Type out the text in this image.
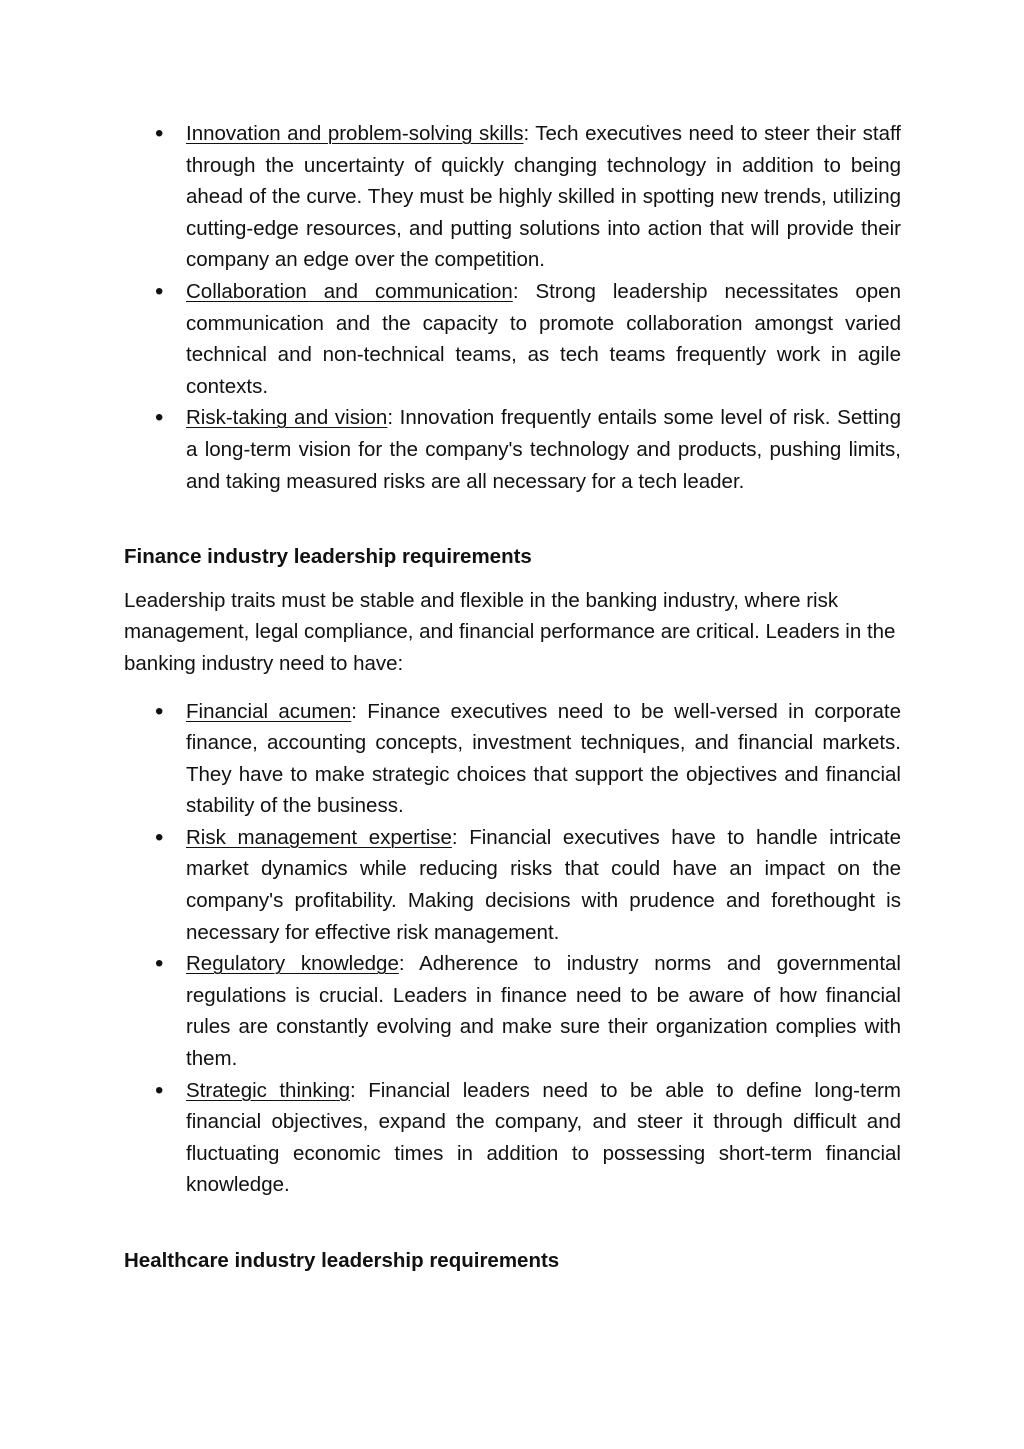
• Innovation and problem-solving skills: Tech executives need to steer their staff through the uncertainty of quickly changing technology in addition to being ahead of the curve. They must be highly skilled in spotting new trends, utilizing cutting-edge resources, and putting solutions into action that will provide their company an edge over the competition.
• Collaboration and communication: Strong leadership necessitates open communication and the capacity to promote collaboration amongst varied technical and non-technical teams, as tech teams frequently work in agile contexts.
• Risk-taking and vision: Innovation frequently entails some level of risk. Setting a long-term vision for the company's technology and products, pushing limits, and taking measured risks are all necessary for a tech leader.

Finance industry leadership requirements

Leadership traits must be stable and flexible in the banking industry, where risk management, legal compliance, and financial performance are critical. Leaders in the banking industry need to have:

• Financial acumen: Finance executives need to be well-versed in corporate finance, accounting concepts, investment techniques, and financial markets. They have to make strategic choices that support the objectives and financial stability of the business.
• Risk management expertise: Financial executives have to handle intricate market dynamics while reducing risks that could have an impact on the company's profitability. Making decisions with prudence and forethought is necessary for effective risk management.
• Regulatory knowledge: Adherence to industry norms and governmental regulations is crucial. Leaders in finance need to be aware of how financial rules are constantly evolving and make sure their organization complies with them.
• Strategic thinking: Financial leaders need to be able to define long-term financial objectives, expand the company, and steer it through difficult and fluctuating economic times in addition to possessing short-term financial knowledge.

Healthcare industry leadership requirements
